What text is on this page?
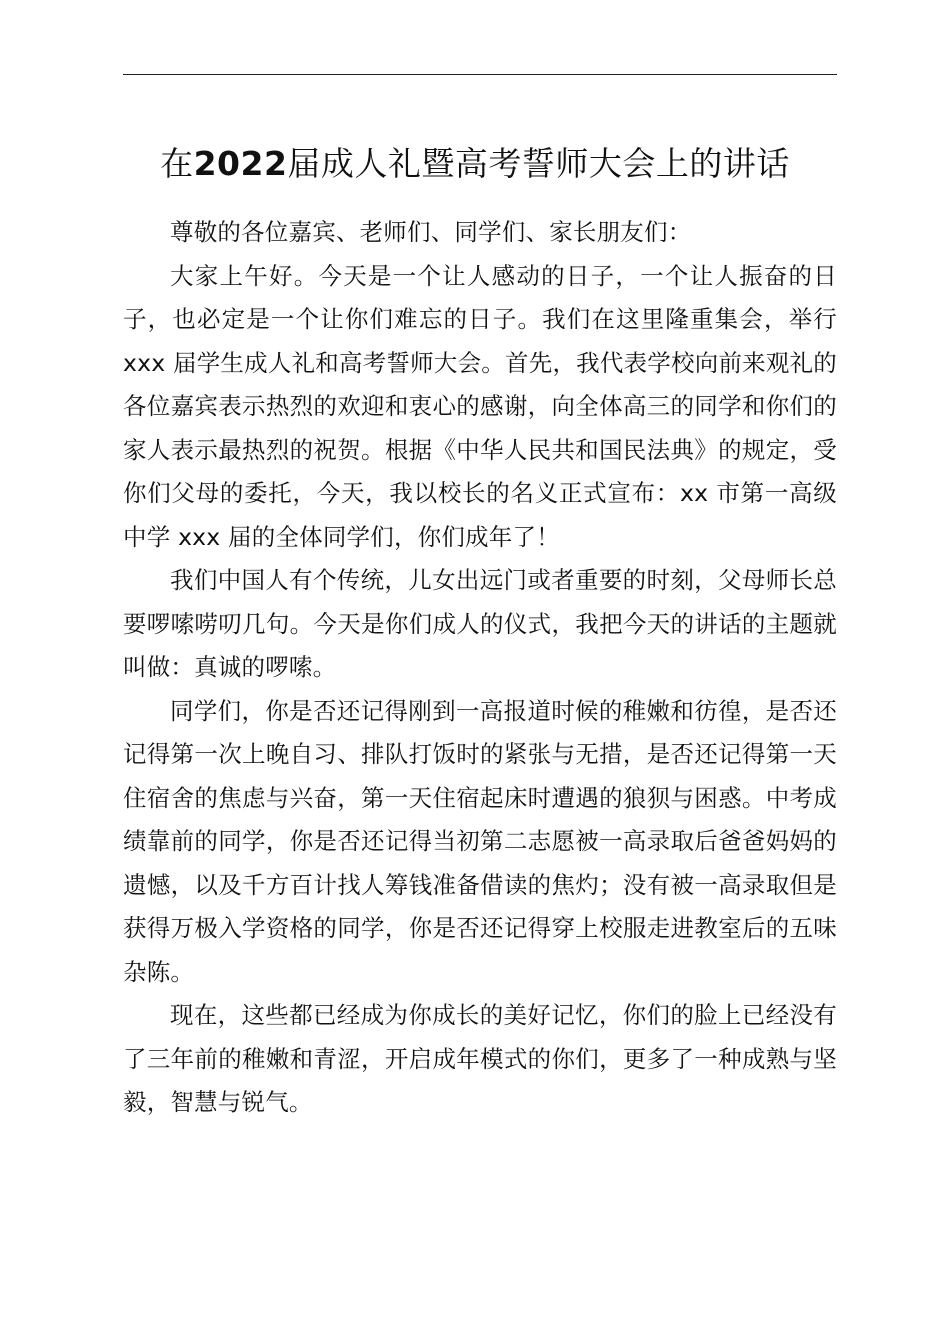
在2022届成人礼暨高考誓师大会上的讲话

尊敬的各位嘉宾、老师们、同学们、家长朋友们：

大家上午好。今天是一个让人感动的日子，一个让人振奋的日子，也必定是一个让你们难忘的日子。我们在这里隆重集会，举行 xxx 届学生成人礼和高考誓师大会。首先，我代表学校向前来观礼的各位嘉宾表示热烈的欢迎和衷心的感谢，向全体高三的同学和你们的家人表示最热烈的祝贺。根据《中华人民共和国民法典》的规定，受你们父母的委托，今天，我以校长的名义正式宣布：xx 市第一高级中学 xxx 届的全体同学们，你们成年了！

我们中国人有个传统，儿女出远门或者重要的时刻，父母师长总要啰嗦唠叨几句。今天是你们成人的仪式，我把今天的讲话的主题就叫做：真诚的啰嗦。

同学们，你是否还记得刚到一高报道时候的稚嫩和彷徨，是否还记得第一次上晚自习、排队打饭时的紧张与无措，是否还记得第一天住宿舍的焦虑与兴奋，第一天住宿起床时遭遇的狼狈与困惑。中考成绩靠前的同学，你是否还记得当初第二志愿被一高录取后爸爸妈妈的遗憾，以及千方百计找人筹钱准备借读的焦灼；没有被一高录取但是获得万极入学资格的同学，你是否还记得穿上校服走进教室后的五味杂陈。

现在，这些都已经成为你成长的美好记忆，你们的脸上已经没有了三年前的稚嫩和青涩，开启成年模式的你们，更多了一种成熟与坚毅，智慧与锐气。
